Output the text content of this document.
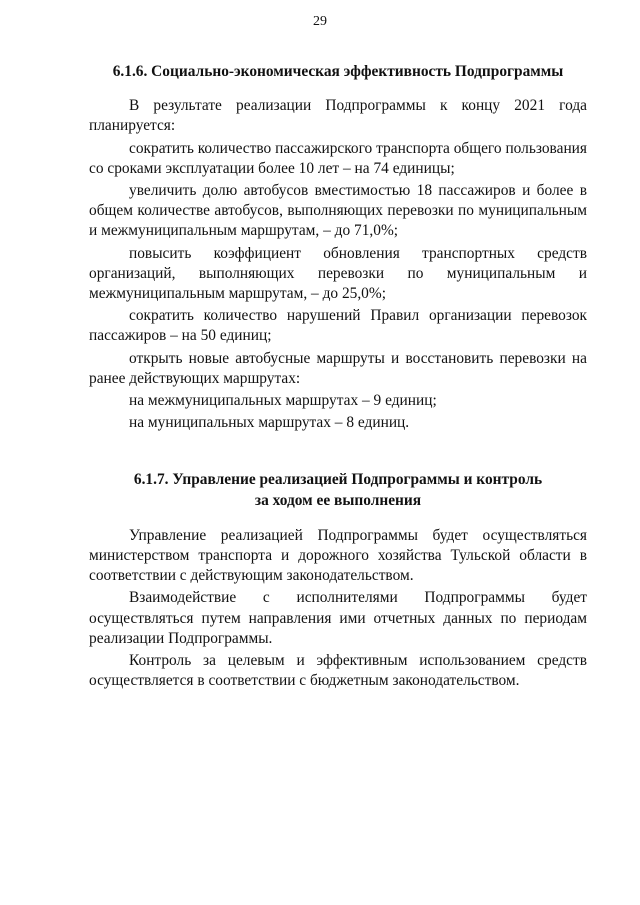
29
6.1.6. Социально-экономическая эффективность Подпрограммы

В результате реализации Подпрограммы к концу 2021 года планируется:

сократить количество пассажирского транспорта общего пользования со сроками эксплуатации более 10 лет – на 74 единицы;

увеличить долю автобусов вместимостью 18 пассажиров и более в общем количестве автобусов, выполняющих перевозки по муниципальным и межмуниципальным маршрутам, – до 71,0%;

повысить коэффициент обновления транспортных средств организаций, выполняющих перевозки по муниципальным и межмуниципальным маршрутам, – до 25,0%;

сократить количество нарушений Правил организации перевозок пассажиров – на 50 единиц;

открыть новые автобусные маршруты и восстановить перевозки на ранее действующих маршрутах:

на межмуниципальных маршрутах – 9 единиц;

на муниципальных маршрутах – 8 единиц.

6.1.7. Управление реализацией Подпрограммы и контроль
за ходом ее выполнения

Управление реализацией Подпрограммы будет осуществляться министерством транспорта и дорожного хозяйства Тульской области в соответствии с действующим законодательством.

Взаимодействие с исполнителями Подпрограммы будет осуществляться путем направления ими отчетных данных по периодам реализации Подпрограммы.

Контроль за целевым и эффективным использованием средств осуществляется в соответствии с бюджетным законодательством.
